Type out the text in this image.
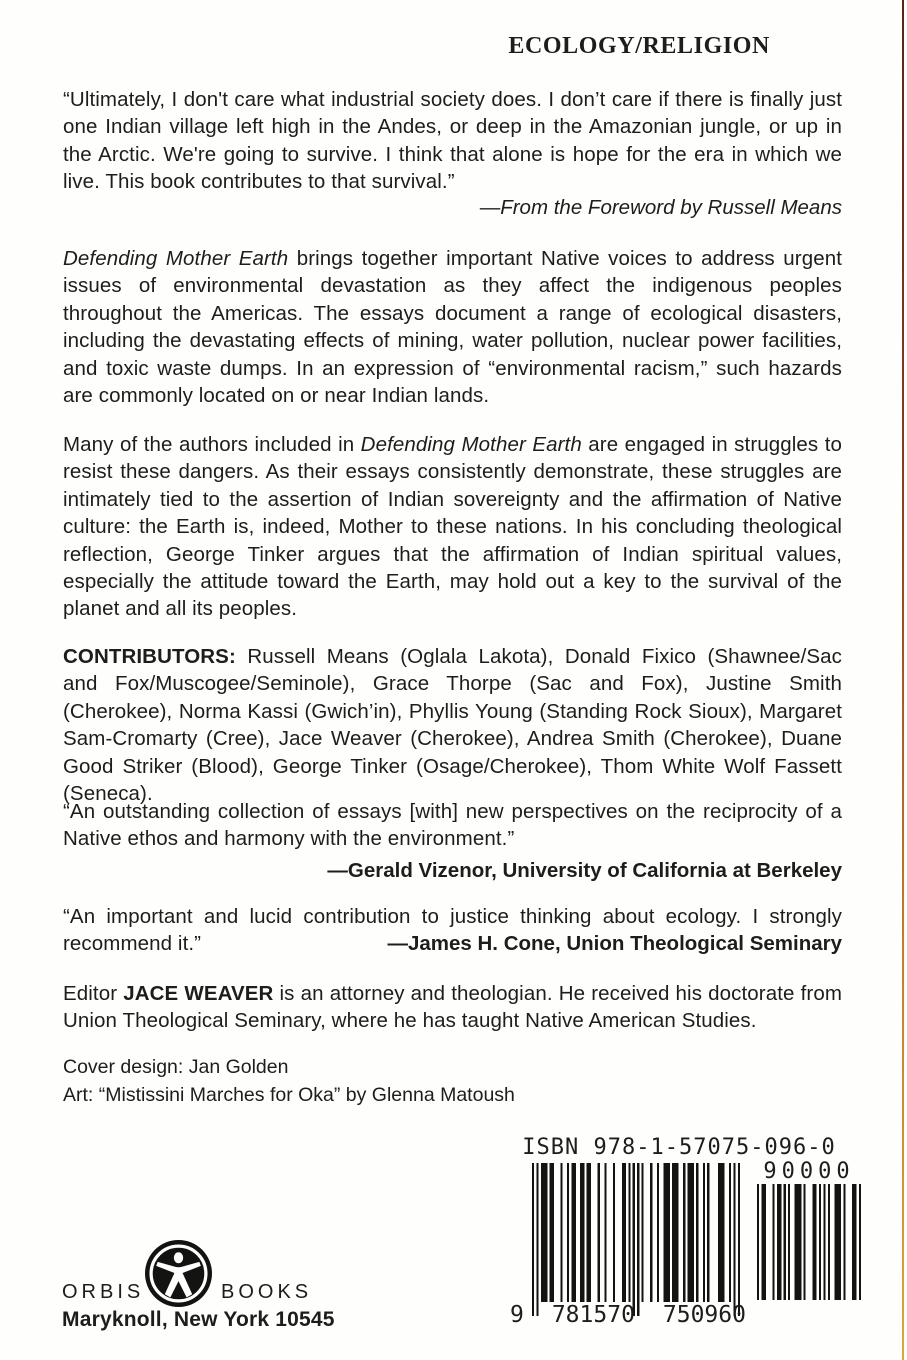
ECOLOGY/RELIGION

“Ultimately, I don't care what industrial society does. I don’t care if there is finally just one Indian village left high in the Andes, or deep in the Amazonian jungle, or up in the Arctic. We're going to survive. I think that alone is hope for the era in which we live. This book contributes to that survival.”

—From the Foreword by Russell Means

Defending Mother Earth brings together important Native voices to address urgent issues of environmental devastation as they affect the indigenous peoples throughout the Americas. The essays document a range of ecological disasters, including the devastating effects of mining, water pollution, nuclear power facilities, and toxic waste dumps. In an expression of “environmental racism,” such hazards are commonly located on or near Indian lands.

Many of the authors included in Defending Mother Earth are engaged in struggles to resist these dangers. As their essays consistently demonstrate, these struggles are intimately tied to the assertion of Indian sovereignty and the affirmation of Native culture: the Earth is, indeed, Mother to these nations. In his concluding theological reflection, George Tinker argues that the affirmation of Indian spiritual values, especially the attitude toward the Earth, may hold out a key to the survival of the planet and all its peoples.

CONTRIBUTORS: Russell Means (Oglala Lakota), Donald Fixico (Shawnee/Sac and Fox/Muscogee/Seminole), Grace Thorpe (Sac and Fox), Justine Smith (Cherokee), Norma Kassi (Gwich’in), Phyllis Young (Standing Rock Sioux), Margaret Sam-Cromarty (Cree), Jace Weaver (Cherokee), Andrea Smith (Cherokee), Duane Good Striker (Blood), George Tinker (Osage/Cherokee), Thom White Wolf Fassett (Seneca).

“An outstanding collection of essays [with] new perspectives on the reciprocity of a Native ethos and harmony with the environment.”

—Gerald Vizenor, University of California at Berkeley

“An important and lucid contribution to justice thinking about ecology. I strongly recommend it.”	—James H. Cone, Union Theological Seminary

Editor JACE WEAVER is an attorney and theologian. He received his doctorate from Union Theological Seminary, where he has taught Native American Studies.

Cover design: Jan Golden
Art: “Mistissini Marches for Oka” by Glenna Matoush
ISBN 978-1-57075-096-0
9 781570 750960
90000
ORBIS	BOOKS
Maryknoll, New York 10545
